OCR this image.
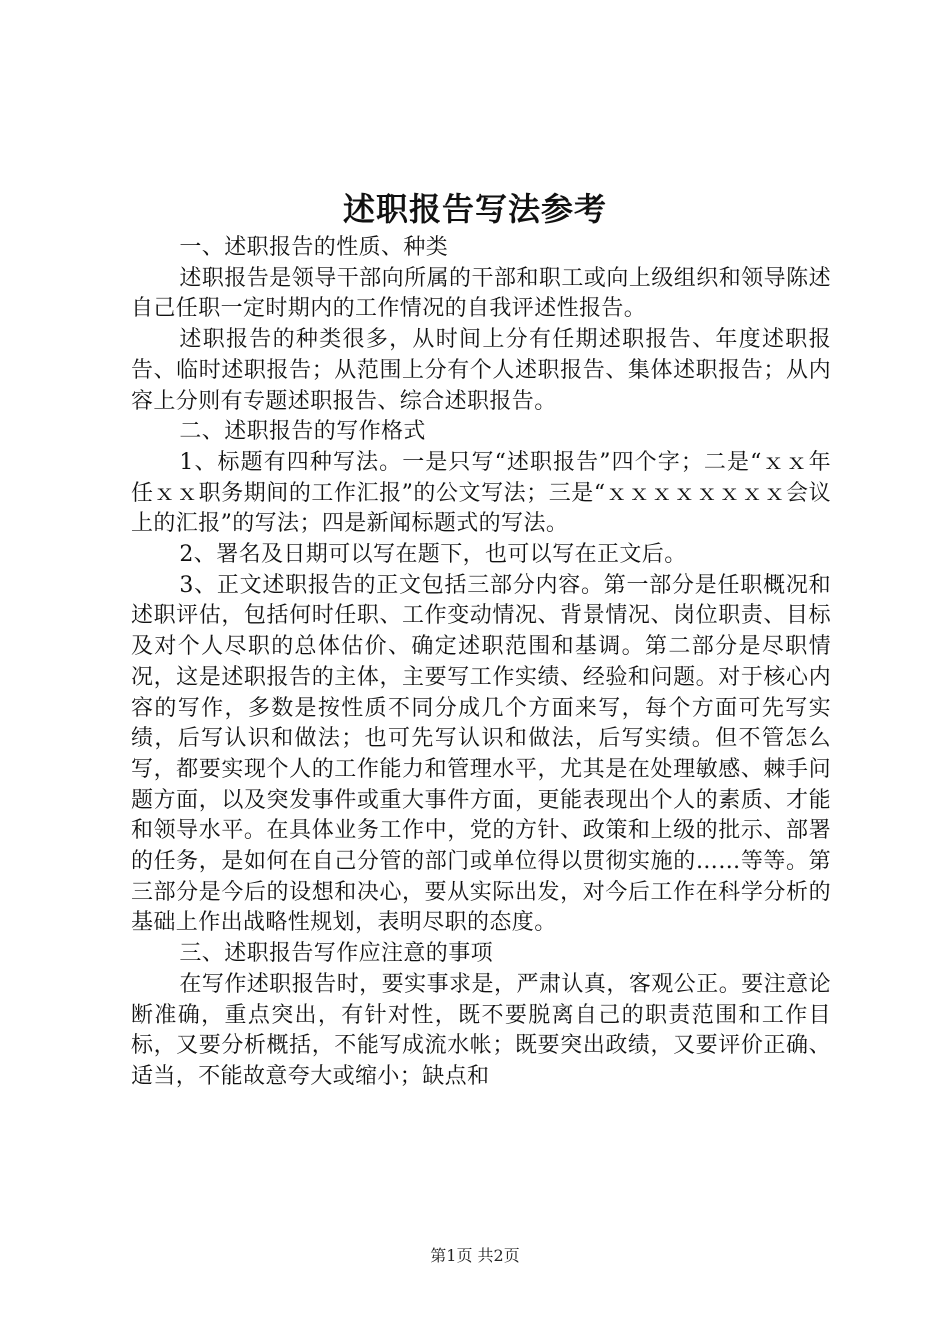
述职报告写法参考

一、述职报告的性质、种类

述职报告是领导干部向所属的干部和职工或向上级组织和领导陈述自己任职一定时期内的工作情况的自我评述性报告。

述职报告的种类很多，从时间上分有任期述职报告、年度述职报告、临时述职报告；从范围上分有个人述职报告、集体述职报告；从内容上分则有专题述职报告、综合述职报告。

二、述职报告的写作格式

1、标题有四种写法。一是只写“述职报告”四个字；二是“ｘｘ年任ｘｘ职务期间的工作汇报”的公文写法；三是“ｘｘｘｘｘｘｘｘ会议上的汇报”的写法；四是新闻标题式的写法。

2、署名及日期可以写在题下，也可以写在正文后。

3、正文述职报告的正文包括三部分内容。第一部分是任职概况和述职评估，包括何时任职、工作变动情况、背景情况、岗位职责、目标及对个人尽职的总体估价、确定述职范围和基调。第二部分是尽职情况，这是述职报告的主体，主要写工作实绩、经验和问题。对于核心内容的写作，多数是按性质不同分成几个方面来写，每个方面可先写实绩，后写认识和做法；也可先写认识和做法，后写实绩。但不管怎么写，都要实现个人的工作能力和管理水平，尤其是在处理敏感、棘手问题方面，以及突发事件或重大事件方面，更能表现出个人的素质、才能和领导水平。在具体业务工作中，党的方针、政策和上级的批示、部署的任务，是如何在自己分管的部门或单位得以贯彻实施的……等等。第三部分是今后的设想和决心，要从实际出发，对今后工作在科学分析的基础上作出战略性规划，表明尽职的态度。

三、述职报告写作应注意的事项

在写作述职报告时，要实事求是，严肃认真，客观公正。要注意论断准确，重点突出，有针对性，既不要脱离自己的职责范围和工作目标，又要分析概括，不能写成流水帐；既要突出政绩，又要评价正确、适当，不能故意夸大或缩小；缺点和

第1页 共2页
